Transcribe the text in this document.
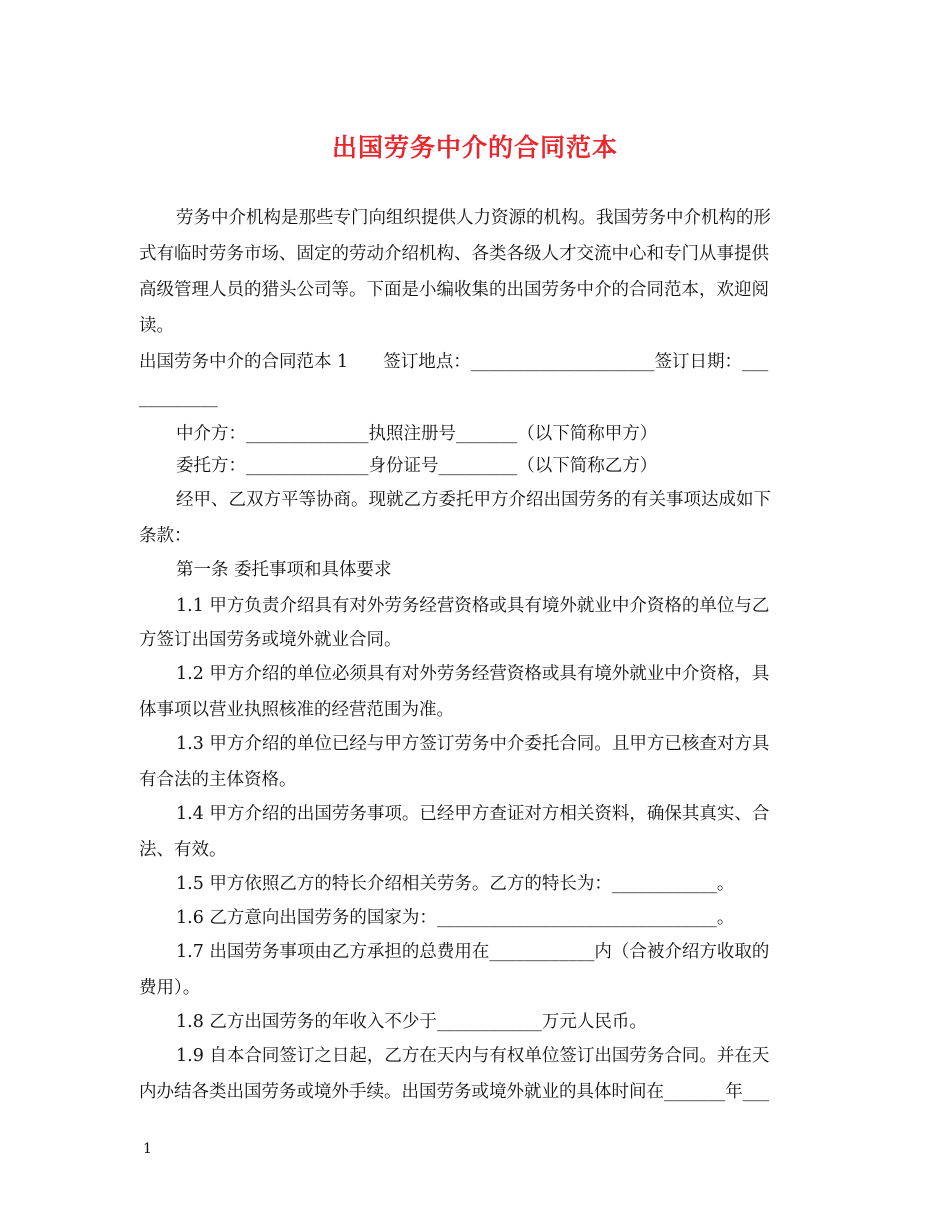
出国劳务中介的合同范本
劳务中介机构是那些专门向组织提供人力资源的机构。我国劳务中介机构的形
式有临时劳务市场、固定的劳动介绍机构、各类各级人才交流中心和专门从事提供
高级管理人员的猎头公司等。下面是小编收集的出国劳务中介的合同范本，欢迎阅
读。
出国劳务中介的合同范本 1　　签订地点：_____________________签订日期：___
_________
中介方：______________执照注册号_______（以下简称甲方）
委托方：______________身份证号_________（以下简称乙方）
经甲、乙双方平等协商。现就乙方委托甲方介绍出国劳务的有关事项达成如下
条款：
第一条 委托事项和具体要求
1.1 甲方负责介绍具有对外劳务经营资格或具有境外就业中介资格的单位与乙
方签订出国劳务或境外就业合同。
1.2 甲方介绍的单位必须具有对外劳务经营资格或具有境外就业中介资格，具
体事项以营业执照核准的经营范围为准。
1.3 甲方介绍的单位已经与甲方签订劳务中介委托合同。且甲方已核查对方具
有合法的主体资格。
1.4 甲方介绍的出国劳务事项。已经甲方查证对方相关资料，确保其真实、合
法、有效。
1.5 甲方依照乙方的特长介绍相关劳务。乙方的特长为：____________。
1.6 乙方意向出国劳务的国家为：________________________________。
1.7 出国劳务事项由乙方承担的总费用在____________内（合被介绍方收取的
费用）。
1.8 乙方出国劳务的年收入不少于____________万元人民币。
1.9 自本合同签订之日起，乙方在天内与有权单位签订出国劳务合同。并在天
内办结各类出国劳务或境外手续。出国劳务或境外就业的具体时间在_______年___
1
